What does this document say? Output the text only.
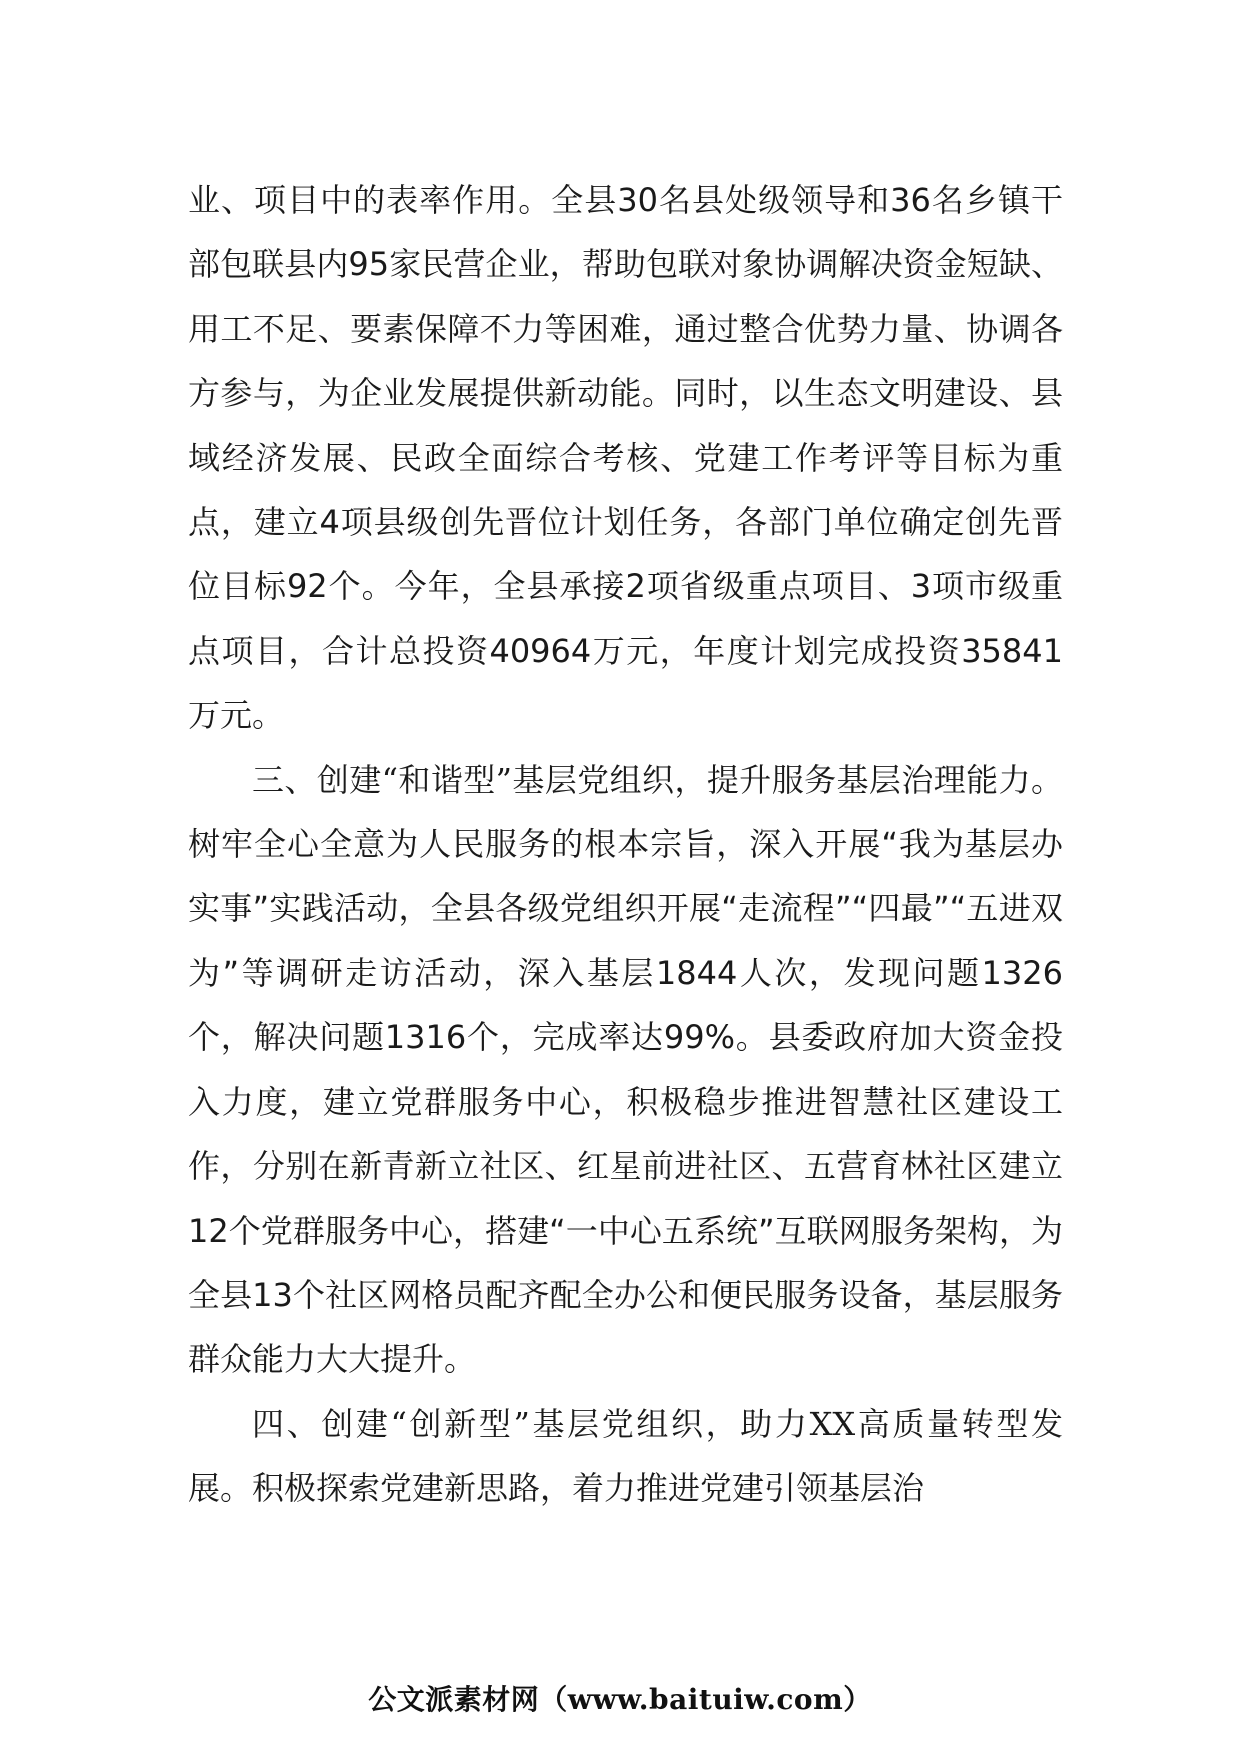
业、项目中的表率作用。全县30名县处级领导和36名乡镇干部包联县内95家民营企业，帮助包联对象协调解决资金短缺、用工不足、要素保障不力等困难，通过整合优势力量、协调各方参与，为企业发展提供新动能。同时，以生态文明建设、县域经济发展、民政全面综合考核、党建工作考评等目标为重点，建立4项县级创先晋位计划任务，各部门单位确定创先晋位目标92个。今年，全县承接2项省级重点项目、3项市级重点项目，合计总投资40964万元，年度计划完成投资35841万元。

三、创建“和谐型”基层党组织，提升服务基层治理能力。树牢全心全意为人民服务的根本宗旨，深入开展“我为基层办实事”实践活动，全县各级党组织开展“走流程”“四最”“五进双为”等调研走访活动，深入基层1844人次，发现问题1326个，解决问题1316个，完成率达99%。县委政府加大资金投入力度，建立党群服务中心，积极稳步推进智慧社区建设工作，分别在新青新立社区、红星前进社区、五营育林社区建立12个党群服务中心，搭建“一中心五系统”互联网服务架构，为全县13个社区网格员配齐配全办公和便民服务设备，基层服务群众能力大大提升。

四、创建“创新型”基层党组织，助力XX高质量转型发展。积极探索党建新思路，着力推进党建引领基层治

公文派素材网（www.baituiw.com）
